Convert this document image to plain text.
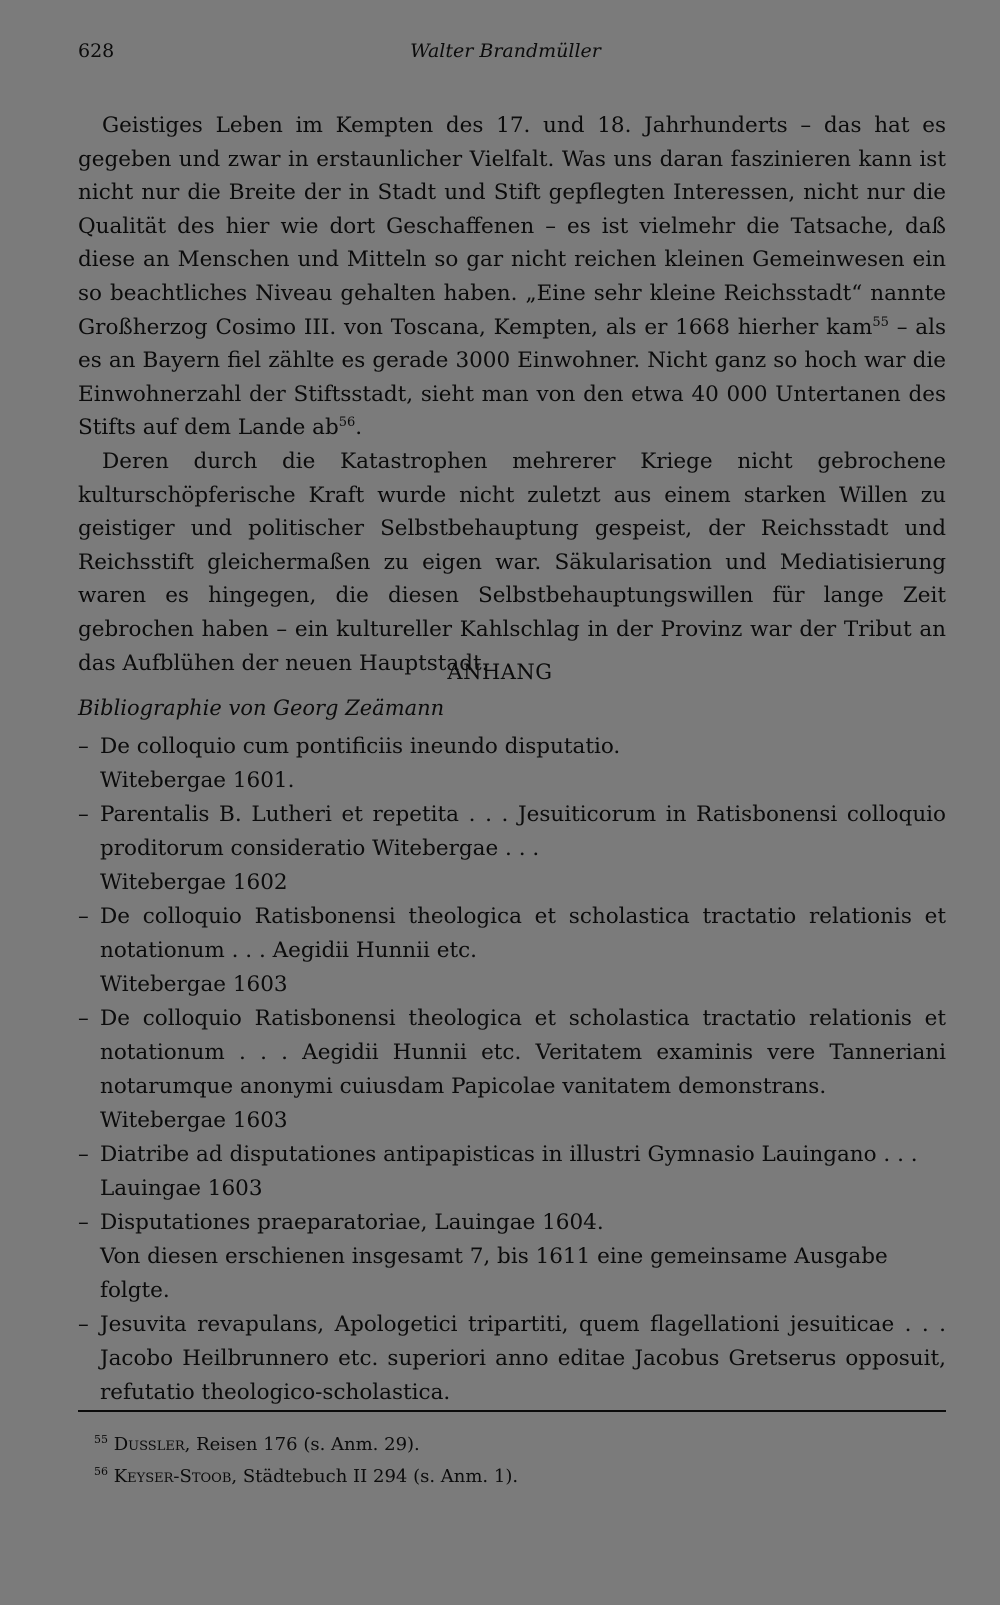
628	Walter Brandmüller

Geistiges Leben im Kempten des 17. und 18. Jahrhunderts – das hat es gegeben und zwar in erstaunlicher Vielfalt. Was uns daran faszinieren kann ist nicht nur die Breite der in Stadt und Stift gepflegten Interessen, nicht nur die Qualität des hier wie dort Geschaffenen – es ist vielmehr die Tatsache, daß diese an Menschen und Mitteln so gar nicht reichen kleinen Gemeinwesen ein so beachtliches Niveau gehalten haben. „Eine sehr kleine Reichsstadt“ nannte Großherzog Cosimo III. von Toscana, Kempten, als er 1668 hierher kam$^{55}$ – als es an Bayern fiel zählte es gerade 3000 Einwohner. Nicht ganz so hoch war die Einwohnerzahl der Stiftsstadt, sieht man von den etwa 40 000 Untertanen des Stifts auf dem Lande $ab^{56}$.

Deren durch die Katastrophen mehrerer Kriege nicht gebrochene kulturschöpferische Kraft wurde nicht zuletzt aus einem starken Willen zu geistiger und politischer Selbstbehauptung gespeist, der Reichsstadt und Reichsstift gleichermaßen zu eigen war. Säkularisation und Mediatisierung waren es hingegen, die diesen Selbstbehauptungswillen für lange Zeit gebrochen haben – ein kultureller Kahlschlag in der Provinz war der Tribut an das Aufblühen der neuen Hauptstadt.

ANHANG
Bibliographie von Georg Zeämann
– De colloquio cum pontificiis ineundo disputatio.
Witebergae 1601.
– Parentalis B. Lutheri et repetita . . . Jesuiticorum in Ratisbonensi colloquio proditorum consideratio Witebergae . . .
Witebergae 1602
– De colloquio Ratisbonensi theologica et scholastica tractatio relationis et notationum . . . Aegidii Hunnii etc.
Witebergae 1603
– De colloquio Ratisbonensi theologica et scholastica tractatio relationis et notationum . . . Aegidii Hunnii etc. Veritatem examinis vere Tanneriani notarumque anonymi cuiusdam Papicolae vanitatem demonstrans.
Witebergae 1603
– Diatribe ad disputationes antipapisticas in illustri Gymnasio Lauingano . . .
Lauingae 1603
– Disputationes praeparatoriae, Lauingae 1604.
Von diesen erschienen insgesamt 7, bis 1611 eine gemeinsame Ausgabe folgte.
– Jesuvita revapulans, Apologetici tripartiti, quem flagellationi jesuiticae . . . Jacobo Heilbrunnero etc. superiori anno editae Jacobus Gretserus opposuit, refutatio theologico-scholastica.
$^{55}$ Dussler, Reisen 176 (s. Anm. 29).
$^{56}$ Keyser-Stoob, Städtebuch II 294 (s. Anm. 1).
